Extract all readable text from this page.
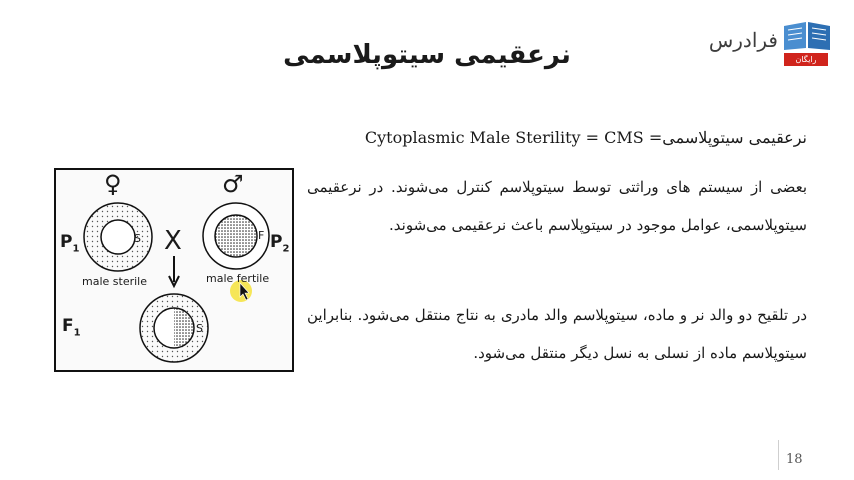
فرادرس
رایگان
نرعقیمی سیتوپلاسمی
Cytoplasmic Male Sterility = CMS =نرعقیمی سیتوپلاسمی

بعضی از سیستم های وراثتی توسط سیتوپلاسم کنترل می‌شوند. در نرعقیمی سیتوپلاسمی، عوامل موجود در سیتوپلاسم باعث نرعقیمی می‌شوند.

در تلقیح دو والد نر و ماده، سیتوپلاسم والد مادری به نتاج منتقل می‌شود. بنابراین سیتوپلاسم ماده از نسلی به نسل دیگر منتقل می‌شود.

♀	♂
$P_1$	$P_2$
$F_1$
X
S	F
S
male sterile	male fertile
18
